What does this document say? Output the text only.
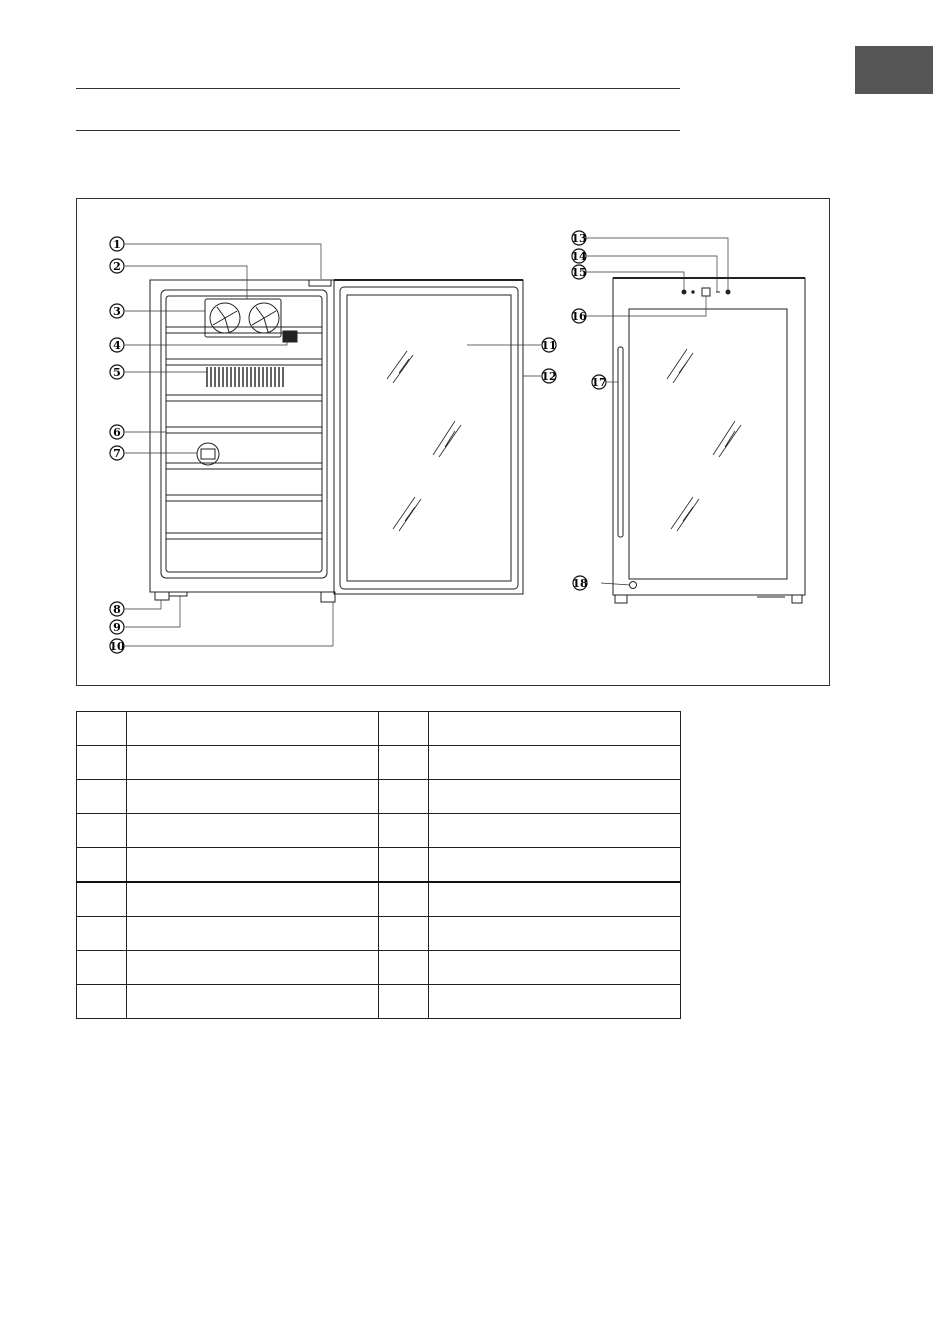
1
2
3
4
5
6
7
8
9
10
11
12
13
14
15
16
17
18
